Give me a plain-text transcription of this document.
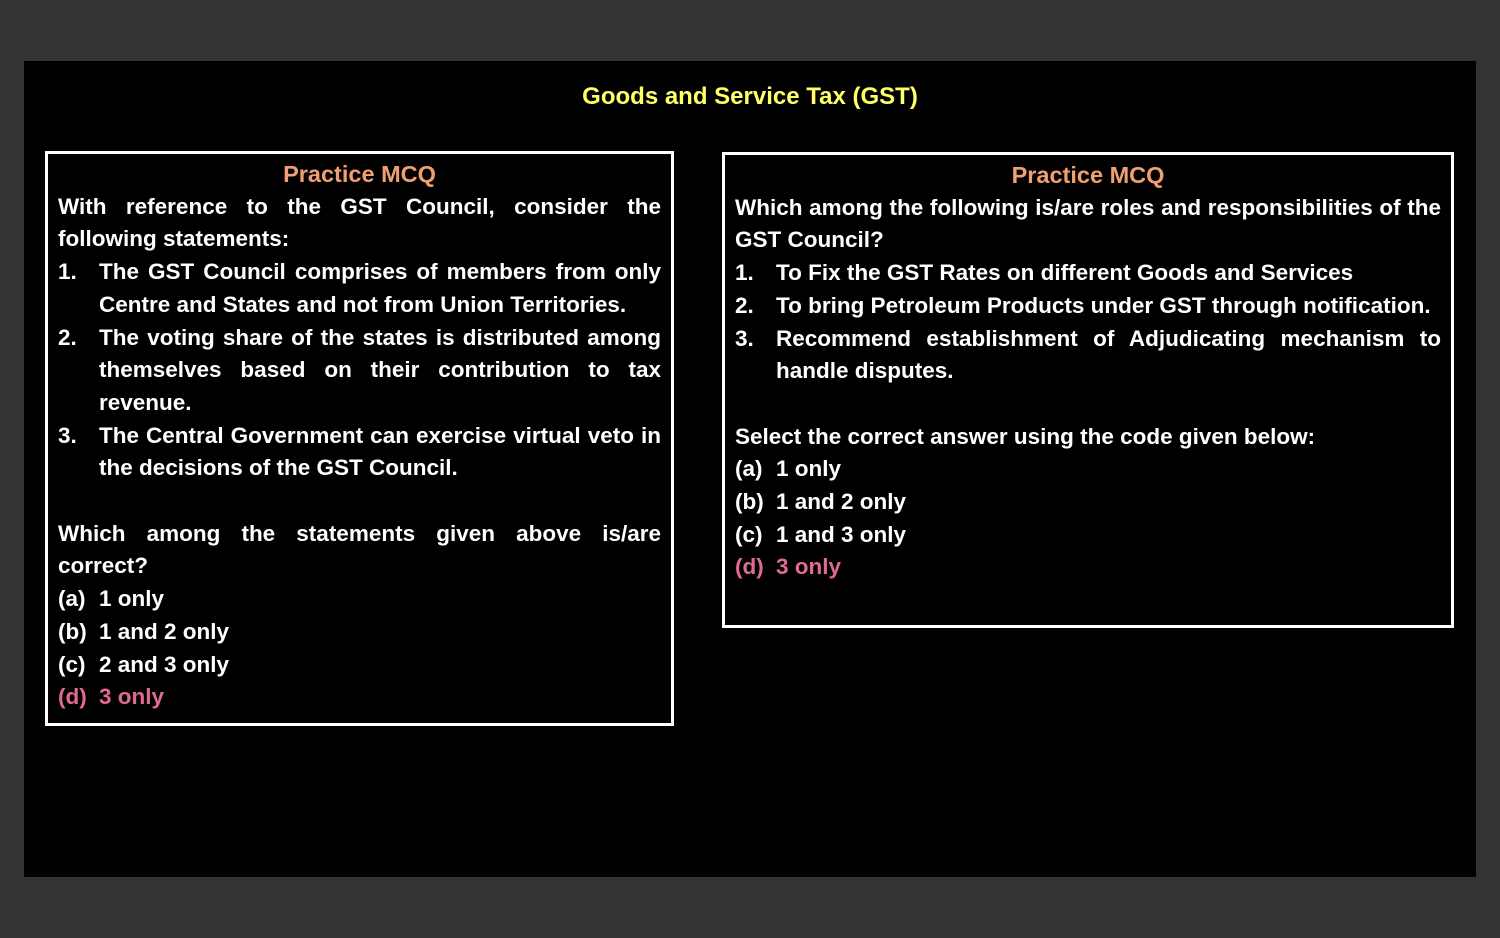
Goods and Service Tax (GST)
Practice MCQ
With reference to the GST Council, consider the following statements:
1. The GST Council comprises of members from only Centre and States and not from Union Territories.
2. The voting share of the states is distributed among themselves based on their contribution to tax revenue.
3. The Central Government can exercise virtual veto in the decisions of the GST Council.
Which among the statements given above is/are correct?
(a) 1 only
(b) 1 and 2 only
(c) 2 and 3 only
(d) 3 only
Practice MCQ
Which among the following is/are roles and responsibilities of the GST Council?
1. To Fix the GST Rates on different Goods and Services
2. To bring Petroleum Products under GST through notification.
3. Recommend establishment of Adjudicating mechanism to handle disputes.
Select the correct answer using the code given below:
(a) 1 only
(b) 1 and 2 only
(c) 1 and 3 only
(d) 3 only
